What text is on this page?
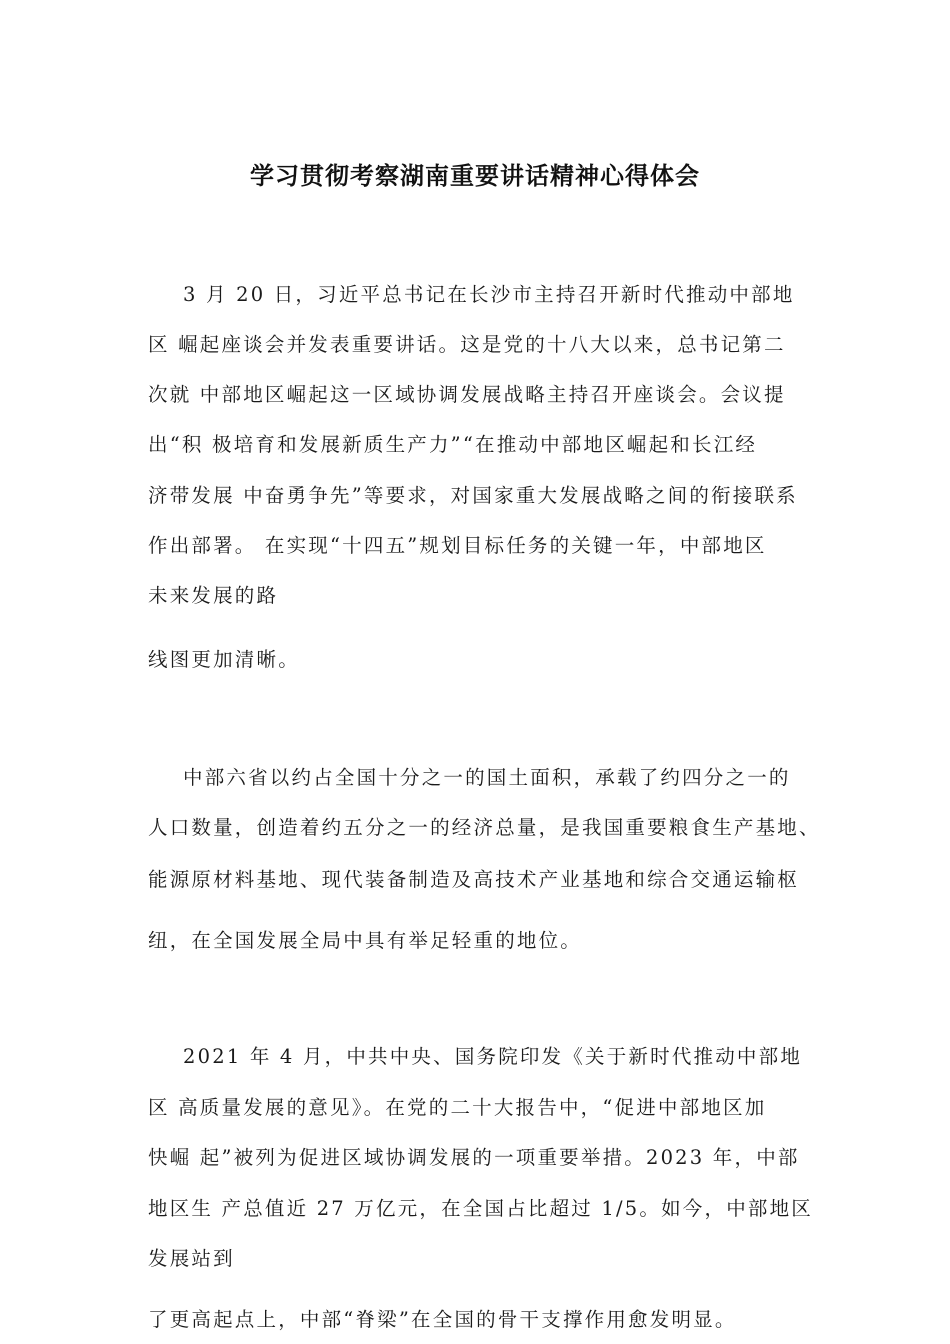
学习贯彻考察湖南重要讲话精神心得体会

3 月 20 日，习近平总书记在长沙市主持召开新时代推动中部地

区 崛起座谈会并发表重要讲话。这是党的十八大以来，总书记第二

次就 中部地区崛起这一区域协调发展战略主持召开座谈会。会议提

出“积 极培育和发展新质生产力”“在推动中部地区崛起和长江经

济带发展 中奋勇争先”等要求，对国家重大发展战略之间的衔接联系

作出部署。 在实现“十四五”规划目标任务的关键一年，中部地区

未来发展的路

线图更加清晰。

中部六省以约占全国十分之一的国土面积，承载了约四分之一的

人口数量，创造着约五分之一的经济总量，是我国重要粮食生产基地、

能源原材料基地、现代装备制造及高技术产业基地和综合交通运输枢

纽，在全国发展全局中具有举足轻重的地位。

2021 年 4 月，中共中央、国务院印发《关于新时代推动中部地

区 高质量发展的意见》。在党的二十大报告中，“促进中部地区加

快崛 起”被列为促进区域协调发展的一项重要举措。2023 年，中部

地区生 产总值近 27 万亿元，在全国占比超过 1/5。如今，中部地区

发展站到

了更高起点上，中部“脊梁”在全国的骨干支撑作用愈发明显。
